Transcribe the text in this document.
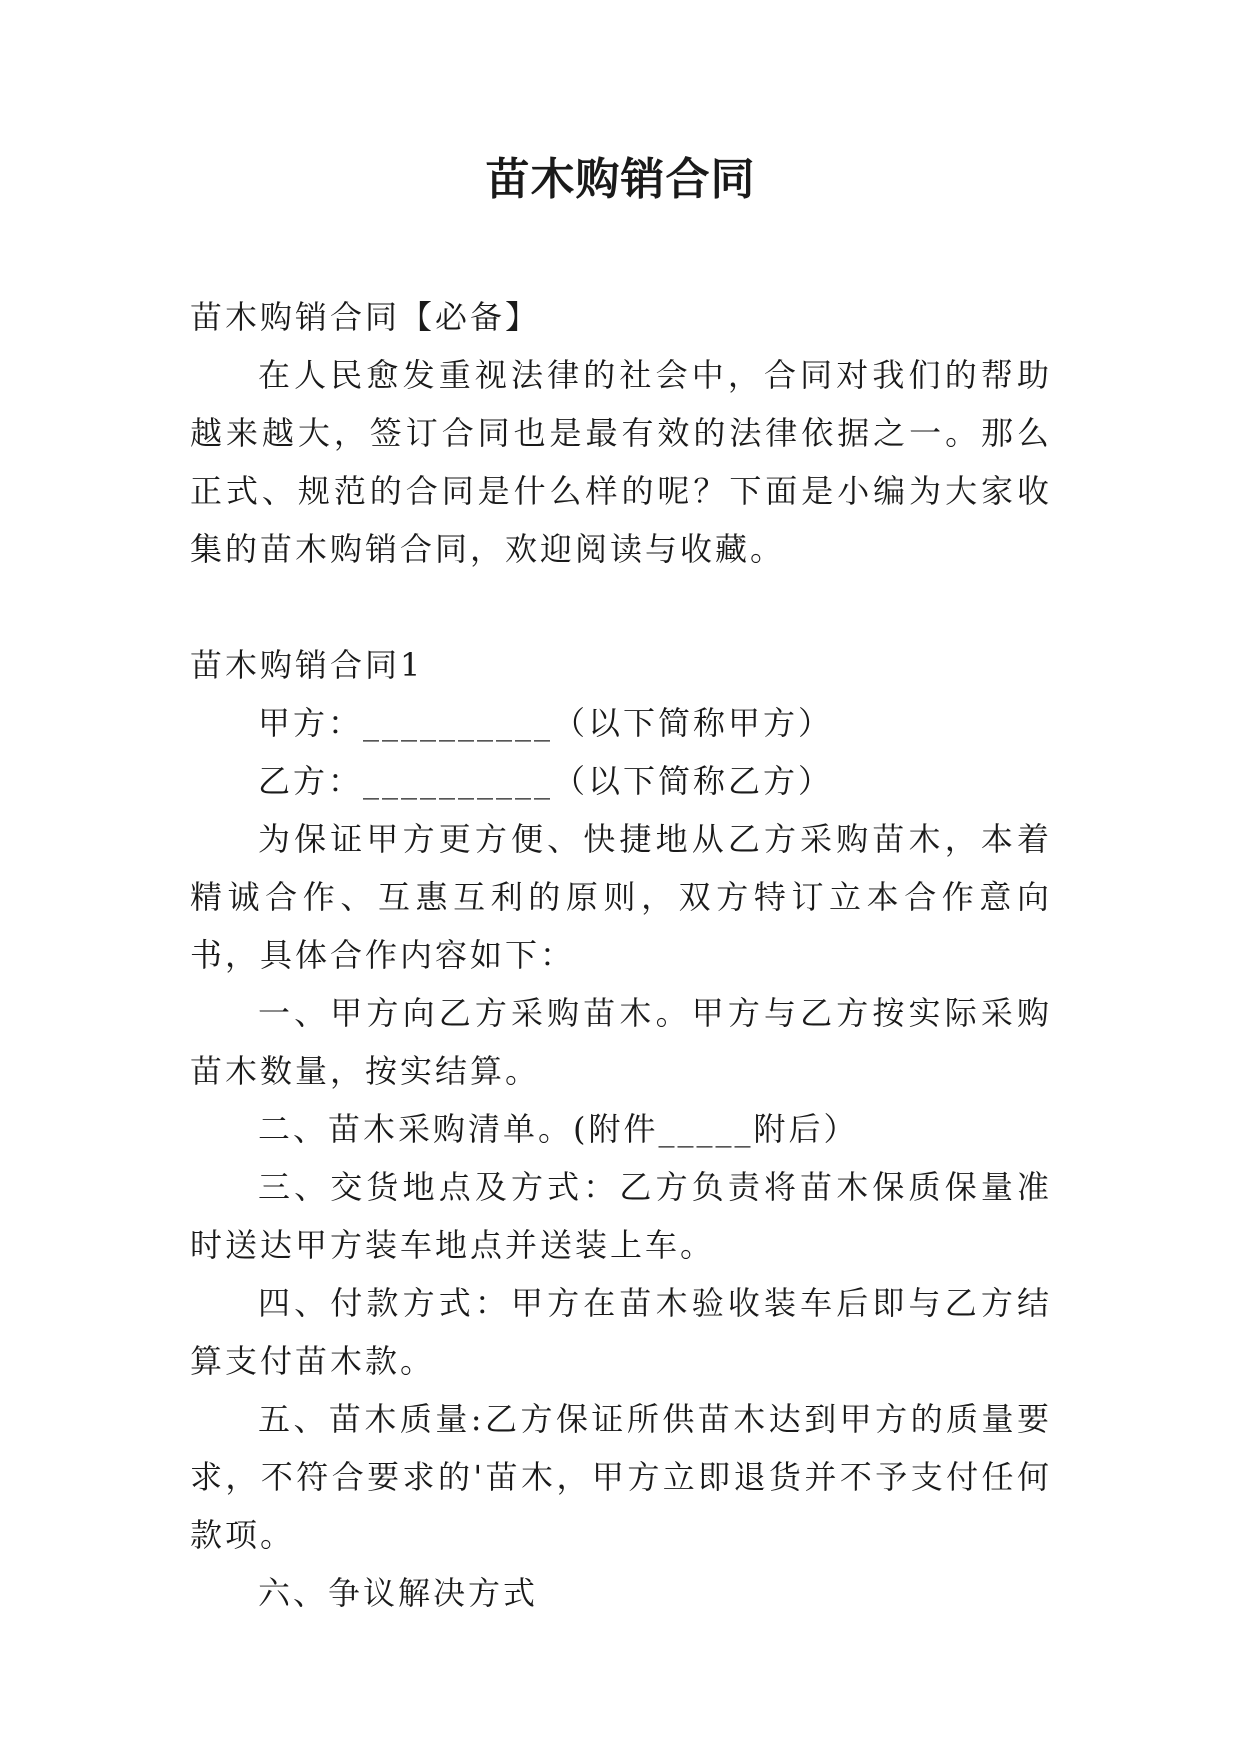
苗木购销合同

苗木购销合同【必备】

在人民愈发重视法律的社会中，合同对我们的帮助越来越大，签订合同也是最有效的法律依据之一。那么正式、规范的合同是什么样的呢？下面是小编为大家收集的苗木购销合同，欢迎阅读与收藏。

苗木购销合同1

甲方：__________（以下简称甲方）

乙方：__________（以下简称乙方）

为保证甲方更方便、快捷地从乙方采购苗木，本着精诚合作、互惠互利的原则，双方特订立本合作意向书，具体合作内容如下：

一、甲方向乙方采购苗木。甲方与乙方按实际采购苗木数量，按实结算。

二、苗木采购清单。(附件_____附后）

三、交货地点及方式：乙方负责将苗木保质保量准时送达甲方装车地点并送装上车。

四、付款方式：甲方在苗木验收装车后即与乙方结算支付苗木款。

五、苗木质量:乙方保证所供苗木达到甲方的质量要求，不符合要求的'苗木，甲方立即退货并不予支付任何款项。

六、争议解决方式
